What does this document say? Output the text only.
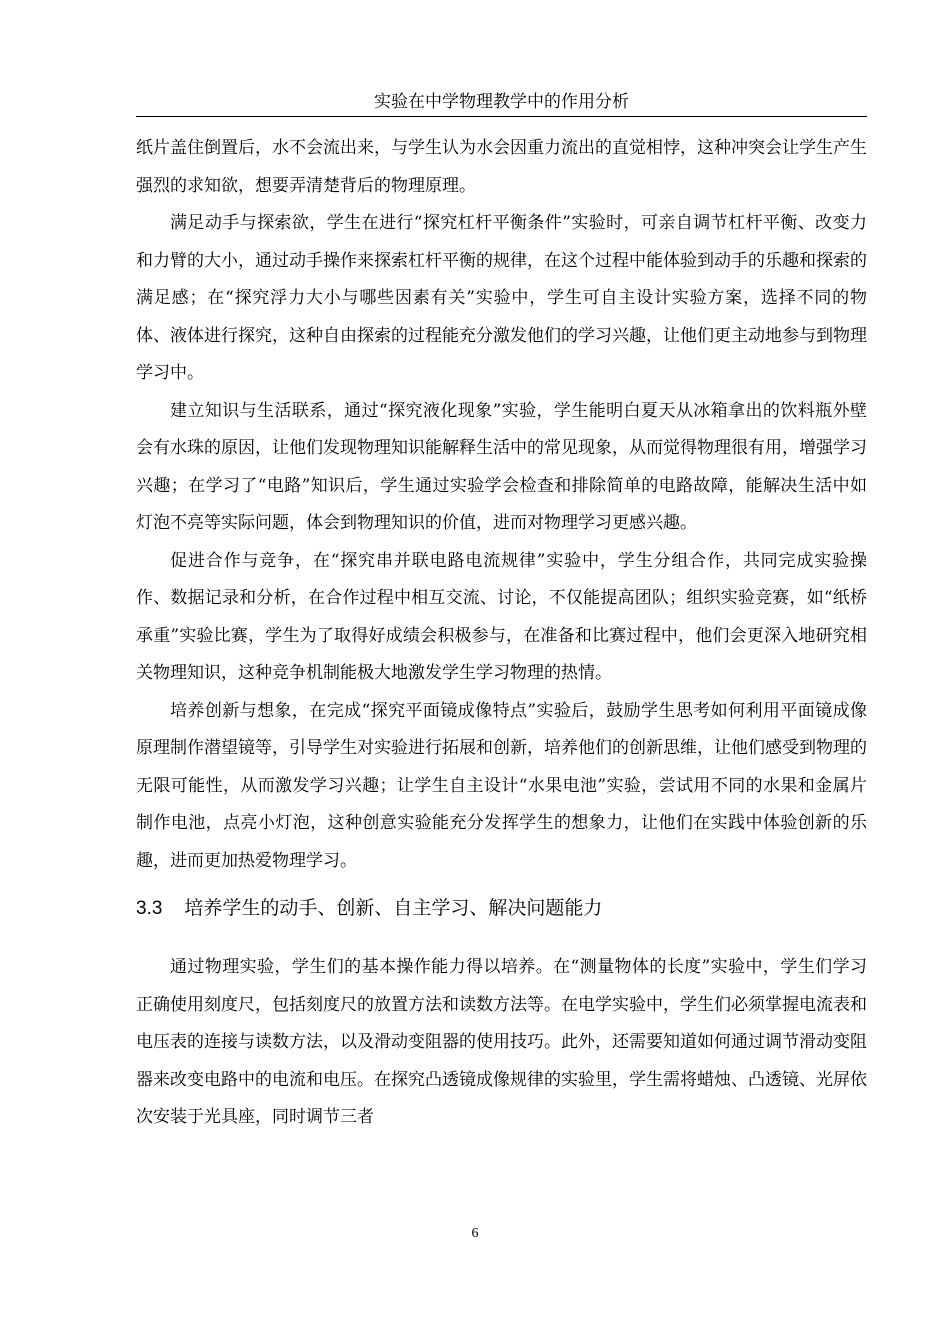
实验在中学物理教学中的作用分析

纸片盖住倒置后，水不会流出来，与学生认为水会因重力流出的直觉相悖，这种冲突会让学生产生强烈的求知欲，想要弄清楚背后的物理原理。

满足动手与探索欲，学生在进行“探究杠杆平衡条件”实验时，可亲自调节杠杆平衡、改变力和力臂的大小，通过动手操作来探索杠杆平衡的规律，在这个过程中能体验到动手的乐趣和探索的满足感；在“探究浮力大小与哪些因素有关”实验中，学生可自主设计实验方案，选择不同的物体、液体进行探究，这种自由探索的过程能充分激发他们的学习兴趣，让他们更主动地参与到物理学习中。

建立知识与生活联系，通过“探究液化现象”实验，学生能明白夏天从冰箱拿出的饮料瓶外壁会有水珠的原因，让他们发现物理知识能解释生活中的常见现象，从而觉得物理很有用，增强学习兴趣；在学习了“电路”知识后，学生通过实验学会检查和排除简单的电路故障，能解决生活中如灯泡不亮等实际问题，体会到物理知识的价值，进而对物理学习更感兴趣。

促进合作与竞争，在“探究串并联电路电流规律”实验中，学生分组合作，共同完成实验操作、数据记录和分析，在合作过程中相互交流、讨论，不仅能提高团队；组织实验竞赛，如“纸桥承重”实验比赛，学生为了取得好成绩会积极参与，在准备和比赛过程中，他们会更深入地研究相关物理知识，这种竞争机制能极大地激发学生学习物理的热情。

培养创新与想象，在完成“探究平面镜成像特点”实验后，鼓励学生思考如何利用平面镜成像原理制作潜望镜等，引导学生对实验进行拓展和创新，培养他们的创新思维，让他们感受到物理的无限可能性，从而激发学习兴趣；让学生自主设计“水果电池”实验，尝试用不同的水果和金属片制作电池，点亮小灯泡，这种创意实验能充分发挥学生的想象力，让他们在实践中体验创新的乐趣，进而更加热爱物理学习。

3.3 培养学生的动手、创新、自主学习、解决问题能力

通过物理实验，学生们的基本操作能力得以培养。在“测量物体的长度”实验中，学生们学习正确使用刻度尺，包括刻度尺的放置方法和读数方法等。在电学实验中，学生们必须掌握电流表和电压表的连接与读数方法，以及滑动变阻器的使用技巧。此外，还需要知道如何通过调节滑动变阻器来改变电路中的电流和电压。在探究凸透镜成像规律的实验里，学生需将蜡烛、凸透镜、光屏依次安装于光具座，同时调节三者

6
